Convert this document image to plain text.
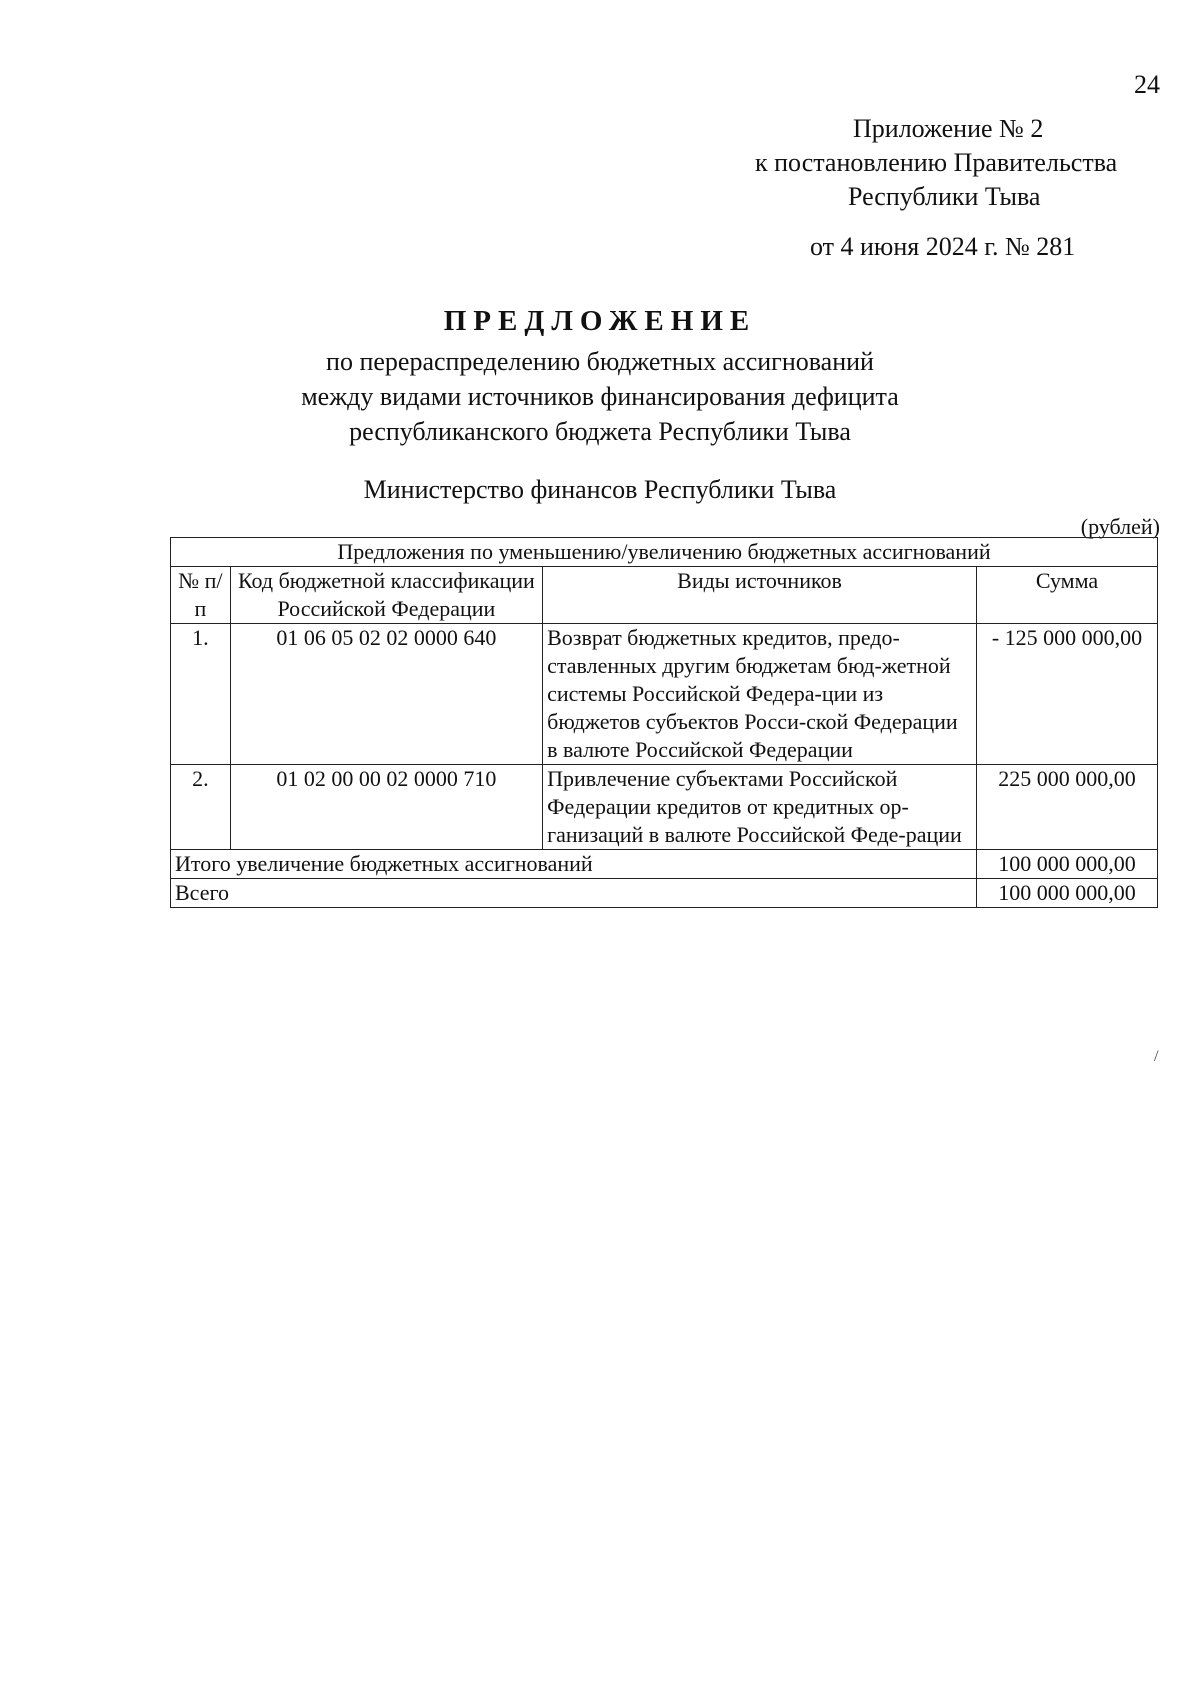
24
Приложение № 2
к постановлению Правительства
Республики Тыва
от 4 июня 2024 г. № 281
ПРЕДЛОЖЕНИЕ
по перераспределению бюджетных ассигнований
между видами источников финансирования дефицита
республиканского бюджета Республики Тыва
Министерство финансов Республики Тыва
(рублей)
Предложения по уменьшению/увеличению бюджетных ассигнований			
№ п/п	Код бюджетной классификации Российской Федерации	Виды источников	Сумма
1.	01 06 05 02 02 0000 640	Возврат бюджетных кредитов, предо-ставленных другим бюджетам бюд-жетной системы Российской Федера-ции из бюджетов субъектов Росси-ской Федерации в валюте Российской Федерации	- 125 000 000,00
2.	01 02 00 00 02 0000 710	Привлечение субъектами Российской Федерации кредитов от кредитных ор-ганизаций в валюте Российской Феде-рации	225 000 000,00
Итого увеличение бюджетных ассигнований			100 000 000,00
Всего			100 000 000,00
/
